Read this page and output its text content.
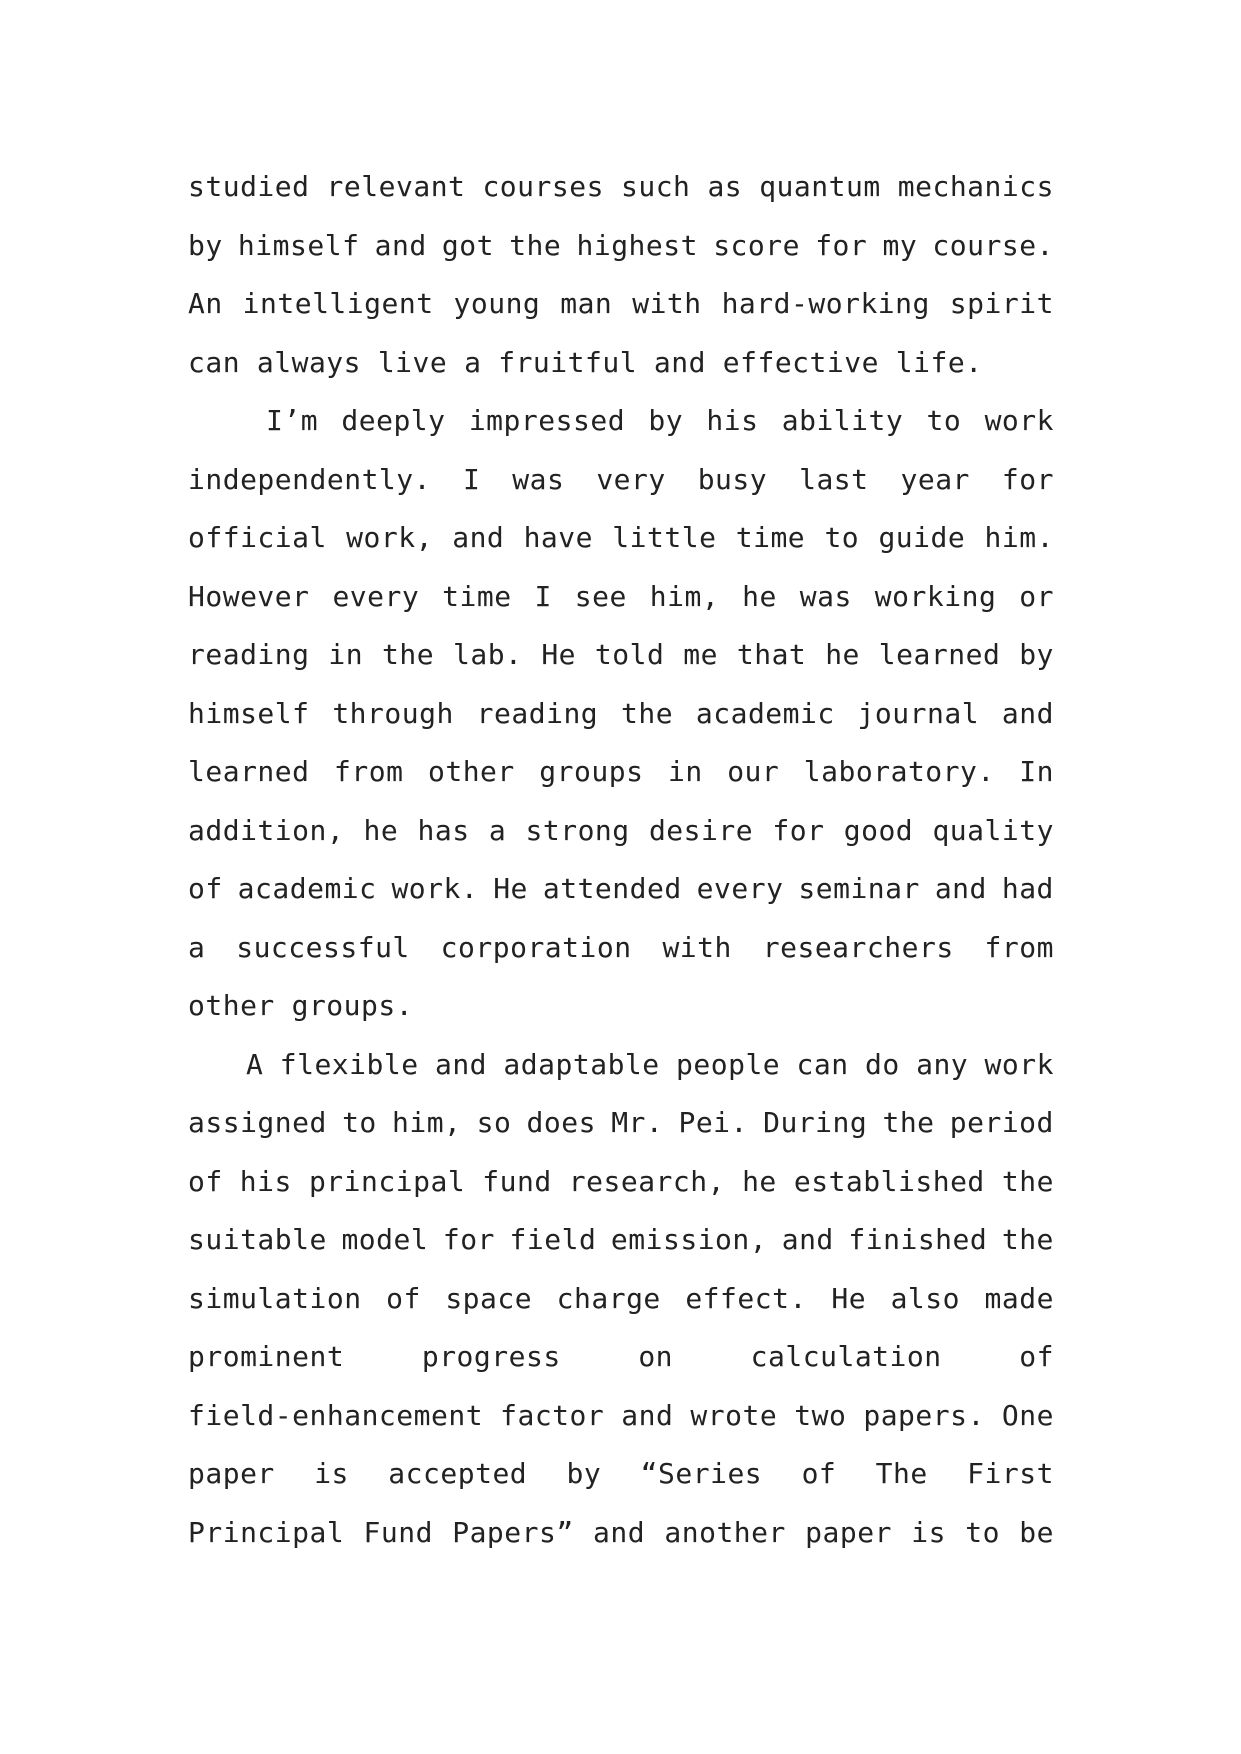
studied relevant courses such as quantum mechanics
by himself and got the highest score for my course.
An intelligent young man with hard-working spirit
can always live a fruitful and effective life.
I’m deeply impressed by his ability to work
independently. I was very busy last year for
official work, and have little time to guide him.
However every time I see him, he was working or
reading in the lab. He told me that he learned by
himself through reading the academic journal and
learned from other groups in our laboratory. In
addition, he has a strong desire for good quality
of academic work. He attended every seminar and had
a successful corporation with researchers from
other groups.
A flexible and adaptable people can do any work
assigned to him, so does Mr. Pei. During the period
of his principal fund research, he established the
suitable model for field emission, and finished the
simulation of space charge effect. He also made
prominent	progress	on	calculation	of
field-enhancement factor and wrote two papers. One
paper is accepted by “Series of The First
Principal Fund Papers” and another paper is to be
